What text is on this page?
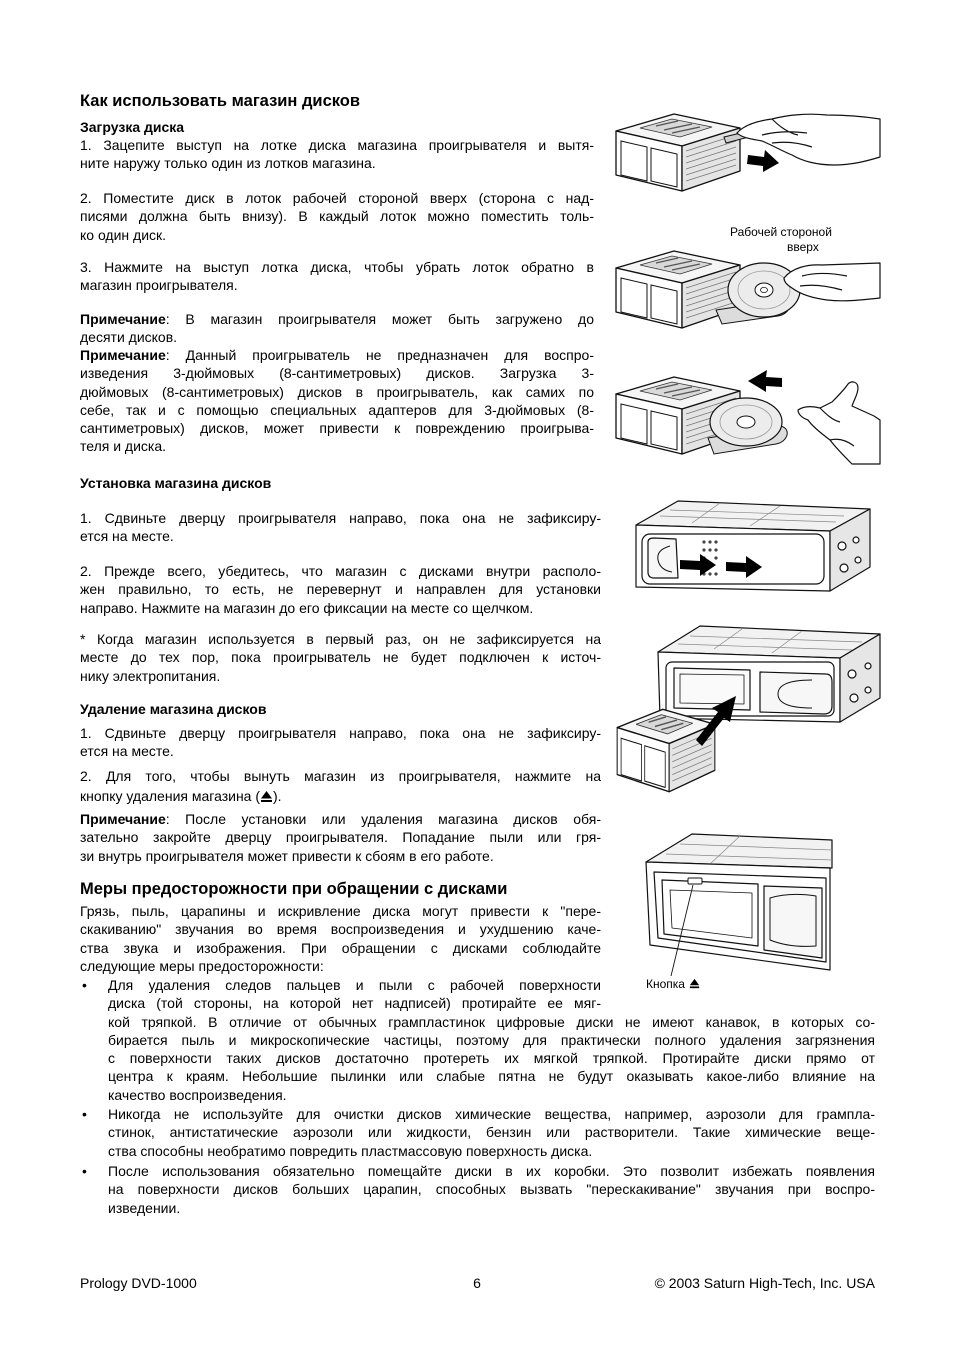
Как использовать магазин дисков
Загрузка диска
1. Зацепите выступ на лотке диска магазина проигрывателя и вытя-
ните наружу только один из лотков магазина.
2. Поместите диск в лоток рабочей стороной вверх (сторона с над-
писями должна быть внизу). В каждый лоток можно поместить толь-
ко один диск.
3. Нажмите на выступ лотка диска, чтобы убрать лоток обратно в
магазин проигрывателя.
Примечание: В магазин проигрывателя может быть загружено до
десяти дисков.
Примечание: Данный проигрыватель не предназначен для воспро-
изведения 3-дюймовых (8-сантиметровых) дисков. Загрузка 3-
дюймовых (8-сантиметровых) дисков в проигрыватель, как самих по
себе, так и с помощью специальных адаптеров для 3-дюймовых (8-
сантиметровых) дисков, может привести к повреждению проигрыва-
теля и диска.
Установка магазина дисков
1. Сдвиньте дверцу проигрывателя направо, пока она не зафиксиру-
ется на месте.
2. Прежде всего, убедитесь, что магазин с дисками внутри располо-
жен правильно, то есть, не перевернут и направлен для установки
направо. Нажмите на магазин до его фиксации на месте со щелчком.
* Когда магазин используется в первый раз, он не зафиксируется на
месте до тех пор, пока проигрыватель не будет подключен к источ-
нику электропитания.
Удаление магазина дисков
1. Сдвиньте дверцу проигрывателя направо, пока она не зафиксиру-
ется на месте.
2. Для того, чтобы вынуть магазин из проигрывателя, нажмите на
кнопку удаления магазина ( ).
Примечание: После установки или удаления магазина дисков обя-
зательно закройте дверцу проигрывателя. Попадание пыли или гря-
зи внутрь проигрывателя может привести к сбоям в его работе.
Меры предосторожности при обращении с дисками
Грязь, пыль, царапины и искривление диска могут привести к "пере-
скакиванию" звучания во время воспроизведения и ухудшению каче-
ства звука и изображения. При обращении с дисками соблюдайте
следующие меры предосторожности:
• Для удаления следов пальцев и пыли с рабочей поверхности
диска (той стороны, на которой нет надписей) протирайте ее мяг-
кой тряпкой. В отличие от обычных грампластинок цифровые диски не имеют канавок, в которых со-
бирается пыль и микроскопические частицы, поэтому для практически полного удаления загрязнения
с поверхности таких дисков достаточно протереть их мягкой тряпкой. Протирайте диски прямо от
центра к краям. Небольшие пылинки или слабые пятна не будут оказывать какое-либо влияние на
качество воспроизведения.
• Никогда не используйте для очистки дисков химические вещества, например, аэрозоли для грампла-
стинок, антистатические аэрозоли или жидкости, бензин или растворители. Такие химические веще-
ства способны необратимо повредить пластмассовую поверхность диска.
• После использования обязательно помещайте диски в их коробки. Это позволит избежать появления
на поверхности дисков больших царапин, способных вызвать "перескакивание" звучания при воспро-
изведении.
Рабочей стороной
вверх
Кнопка
Prology DVD-1000	6	© 2003 Saturn High-Tech, Inc. USA
